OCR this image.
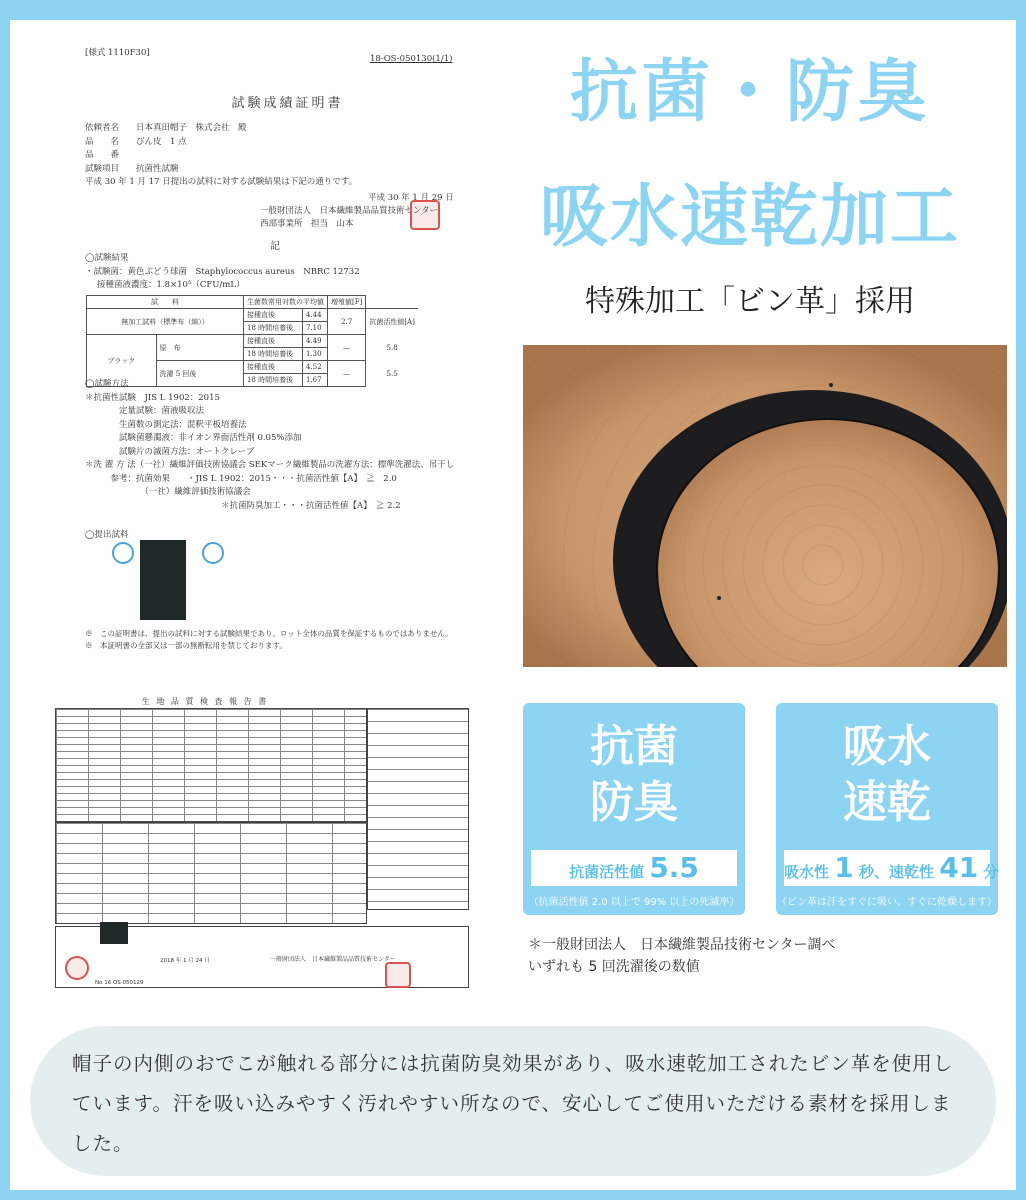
[様式 1110F30]
18-OS-050130(1/1)
試験成績証明書
依頼者名　　日本真田帽子　株式会社　殿
品　　名　　びん皮　1 点
品　　番
試験項目　　抗菌性試験
平成 30 年 1 月 17 日提出の試料に対する試験結果は下記の通りです。
平成 30 年 1 月 29 日
一般財団法人　日本繊維製品品質技術センター
西部事業所　担当　山本
記
◯試験結果
・試験菌：黄色ぶどう球菌　Staphylococcus aureus　NBRC 12732
接種菌液濃度：1.8×10⁵（CFU/mL）
試　　料		生菌数常用対数の平均値		増殖値[F]	
無加工試料（標準布（綿））		接種直後	4.44	2.7	抗菌活性値[A]
		18 時間培養後	7.10		
ブラック	原　布	接種直後	4.49	—	5.8
		18 時間培養後	1.30		
	洗濯 5 回後	接種直後	4.52	—	5.5
		18 時間培養後	1.67		
◯試験方法
＊抗菌性試験　JIS L 1902：2015
　　　　定量試験：菌液吸収法
　　　　生菌数の測定法：混釈平板培養法
　　　　試験菌懸濁液：非イオン界面活性剤 0.05%添加
　　　　試験片の滅菌方法：オートクレーブ
＊洗 濯 方 法（一社）繊維評価技術協議会 SEKマーク繊維製品の洗濯方法：標準洗濯法、吊干し
　　　参考：抗菌効果　　・JIS L 1902：2015・・・抗菌活性値【A】　≧　2.0
　　　　　　　（一社）繊維評価技術協議会
　　　　　　　　　　　　　　　　＊抗菌防臭加工・・・抗菌活性値【A】　≧ 2.2
◯提出試料
※　この証明書は、提出の試料に対する試験結果であり、ロット全体の品質を保証するものではありません。
※　本証明書の全部又は一部の無断転用を禁じております。
生 地 品 質 検 査 報 告 書
2018 年 1 月 24 日
No 16 OS 050129
一般財団法人　日本繊維製品品質技術センター
抗菌・防臭
吸水速乾加工
特殊加工「ビン革」採用
抗菌
防臭
抗菌活性値 5.5
（抗菌活性値 2.0 以上で 99% 以上の死滅率）
吸水
速乾
吸水性 1 秒、速乾性 41 分
（ピン革は汗をすぐに吸い、すぐに乾燥します）
＊一般財団法人　日本繊維製品技術センター調べ
いずれも 5 回洗濯後の数値

帽子の内側のおでこが触れる部分には抗菌防臭効果があり、吸水速乾加工されたビン革を使用しています。汗を吸い込みやすく汚れやすい所なので、安心してご使用いただける素材を採用しました。
